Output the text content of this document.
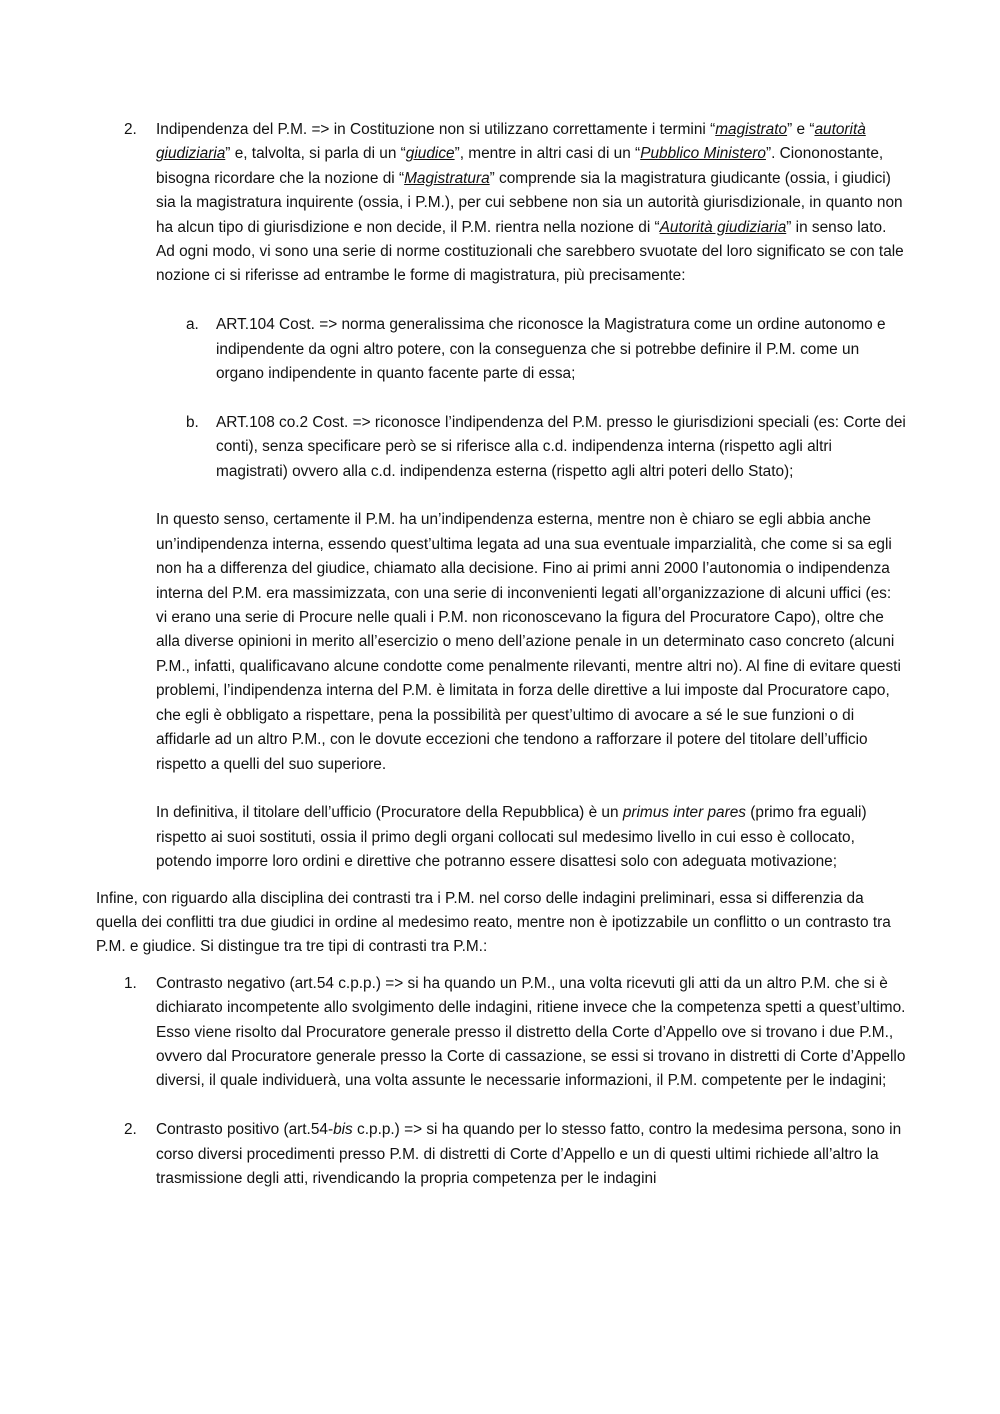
2. Indipendenza del P.M. => in Costituzione non si utilizzano correttamente i termini “magistrato” e “autorità giudiziaria” e, talvolta, si parla di un “giudice”, mentre in altri casi di un “Pubblico Ministero”. Ciononostante, bisogna ricordare che la nozione di “Magistratura” comprende sia la magistratura giudicante (ossia, i giudici) sia la magistratura inquirente (ossia, i P.M.), per cui sebbene non sia un autorità giurisdizionale, in quanto non ha alcun tipo di giurisdizione e non decide, il P.M. rientra nella nozione di “Autorità giudiziaria” in senso lato. Ad ogni modo, vi sono una serie di norme costituzionali che sarebbero svuotate del loro significato se con tale nozione ci si riferisse ad entrambe le forme di magistratura, più precisamente:

a. ART.104 Cost. => norma generalissima che riconosce la Magistratura come un ordine autonomo e indipendente da ogni altro potere, con la conseguenza che si potrebbe definire il P.M. come un organo indipendente in quanto facente parte di essa;

b. ART.108 co.2 Cost. => riconosce l’indipendenza del P.M. presso le giurisdizioni speciali (es: Corte dei conti), senza specificare però se si riferisce alla c.d. indipendenza interna (rispetto agli altri magistrati) ovvero alla c.d. indipendenza esterna (rispetto agli altri poteri dello Stato);

In questo senso, certamente il P.M. ha un’indipendenza esterna, mentre non è chiaro se egli abbia anche un’indipendenza interna, essendo quest’ultima legata ad una sua eventuale imparzialità, che come si sa egli non ha a differenza del giudice, chiamato alla decisione. Fino ai primi anni 2000 l’autonomia o indipendenza interna del P.M. era massimizzata, con una serie di inconvenienti legati all’organizzazione di alcuni uffici (es: vi erano una serie di Procure nelle quali i P.M. non riconoscevano la figura del Procuratore Capo), oltre che alla diverse opinioni in merito all’esercizio o meno dell’azione penale in un determinato caso concreto (alcuni P.M., infatti, qualificavano alcune condotte come penalmente rilevanti, mentre altri no). Al fine di evitare questi problemi, l’indipendenza interna del P.M. è limitata in forza delle direttive a lui imposte dal Procuratore capo, che egli è obbligato a rispettare, pena la possibilità per quest’ultimo di avocare a sé le sue funzioni o di affidarle ad un altro P.M., con le dovute eccezioni che tendono a rafforzare il potere del titolare dell’ufficio rispetto a quelli del suo superiore.

In definitiva, il titolare dell’ufficio (Procuratore della Repubblica) è un primus inter pares (primo fra eguali) rispetto ai suoi sostituti, ossia il primo degli organi collocati sul medesimo livello in cui esso è collocato, potendo imporre loro ordini e direttive che potranno essere disattesi solo con adeguata motivazione;

Infine, con riguardo alla disciplina dei contrasti tra i P.M. nel corso delle indagini preliminari, essa si differenzia da quella dei conflitti tra due giudici in ordine al medesimo reato, mentre non è ipotizzabile un conflitto o un contrasto tra P.M. e giudice. Si distingue tra tre tipi di contrasti tra P.M.:

1. Contrasto negativo (art.54 c.p.p.) => si ha quando un P.M., una volta ricevuti gli atti da un altro P.M. che si è dichiarato incompetente allo svolgimento delle indagini, ritiene invece che la competenza spetti a quest’ultimo. Esso viene risolto dal Procuratore generale presso il distretto della Corte d’Appello ove si trovano i due P.M., ovvero dal Procuratore generale presso la Corte di cassazione, se essi si trovano in distretti di Corte d’Appello diversi, il quale individuerà, una volta assunte le necessarie informazioni, il P.M. competente per le indagini;

2. Contrasto positivo (art.54-bis c.p.p.) => si ha quando per lo stesso fatto, contro la medesima persona, sono in corso diversi procedimenti presso P.M. di distretti di Corte d’Appello e un di questi ultimi richiede all’altro la trasmissione degli atti, rivendicando la propria competenza per le indagini
